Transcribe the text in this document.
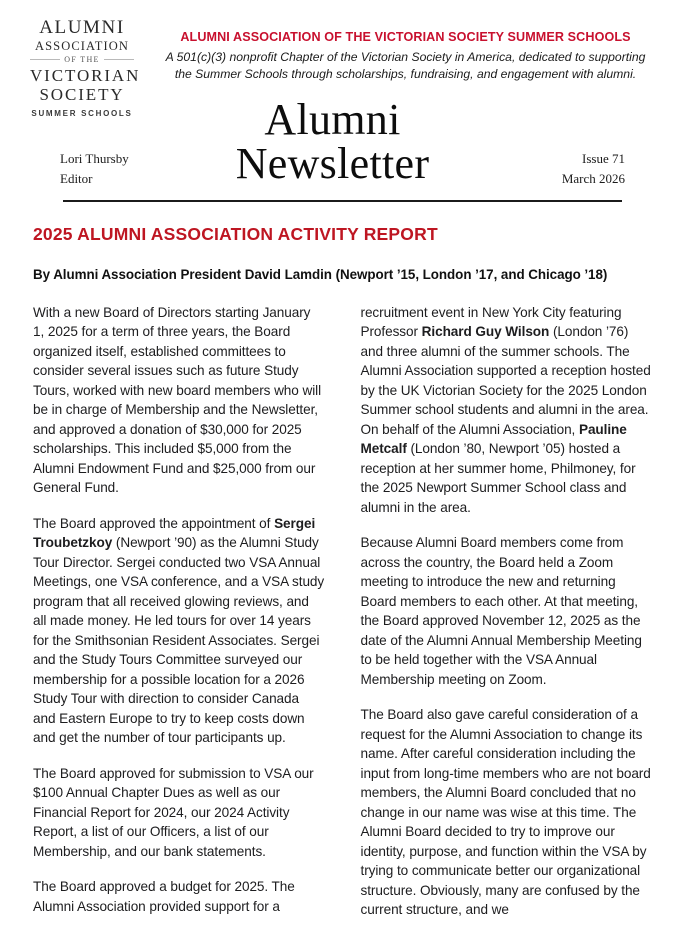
ALUMNI
ASSOCIATION
OF THE
VICTORIAN
SOCIETY
SUMMER SCHOOLS
ALUMNI ASSOCIATION OF THE VICTORIAN SOCIETY SUMMER SCHOOLS
A 501(c)(3) nonprofit Chapter of the Victorian Society in America, dedicated to supporting the Summer Schools through scholarships, fundraising, and engagement with alumni.
Lori Thursby
Editor
Alumni Newsletter	Issue 71
March 2026
2025 ALUMNI ASSOCIATION ACTIVITY REPORT
By Alumni Association President David Lamdin (Newport ’15, London ’17, and Chicago ’18)

With a new Board of Directors starting January 1, 2025 for a term of three years, the Board organized itself, established committees to consider several issues such as future Study Tours, worked with new board members who will be in charge of Membership and the Newsletter, and approved a donation of $30,000 for 2025 scholarships. This included $5,000 from the Alumni Endowment Fund and $25,000 from our General Fund.

The Board approved the appointment of Sergei Troubetzkoy (Newport ’90) as the Alumni Study Tour Director. Sergei conducted two VSA Annual Meetings, one VSA conference, and a VSA study program that all received glowing reviews, and all made money. He led tours for over 14 years for the Smithsonian Resident Associates. Sergei and the Study Tours Committee surveyed our membership for a possible location for a 2026 Study Tour with direction to consider Canada and Eastern Europe to try to keep costs down and get the number of tour participants up.

The Board approved for submission to VSA our $100 Annual Chapter Dues as well as our Financial Report for 2024, our 2024 Activity Report, a list of our Officers, a list of our Membership, and our bank statements.

The Board approved a budget for 2025. The Alumni Association provided support for a

recruitment event in New York City featuring Professor Richard Guy Wilson (London ’76) and three alumni of the summer schools. The Alumni Association supported a reception hosted by the UK Victorian Society for the 2025 London Summer school students and alumni in the area. On behalf of the Alumni Association, Pauline Metcalf (London ’80, Newport ’05) hosted a reception at her summer home, Philmoney, for the 2025 Newport Summer School class and alumni in the area.

Because Alumni Board members come from across the country, the Board held a Zoom meeting to introduce the new and returning Board members to each other. At that meeting, the Board approved November 12, 2025 as the date of the Alumni Annual Membership Meeting to be held together with the VSA Annual Membership meeting on Zoom.

The Board also gave careful consideration of a request for the Alumni Association to change its name. After careful consideration including the input from long-time members who are not board members, the Alumni Board concluded that no change in our name was wise at this time. The Alumni Board decided to try to improve our identity, purpose, and function within the VSA by trying to communicate better our organizational structure. Obviously, many are confused by the current structure, and we
